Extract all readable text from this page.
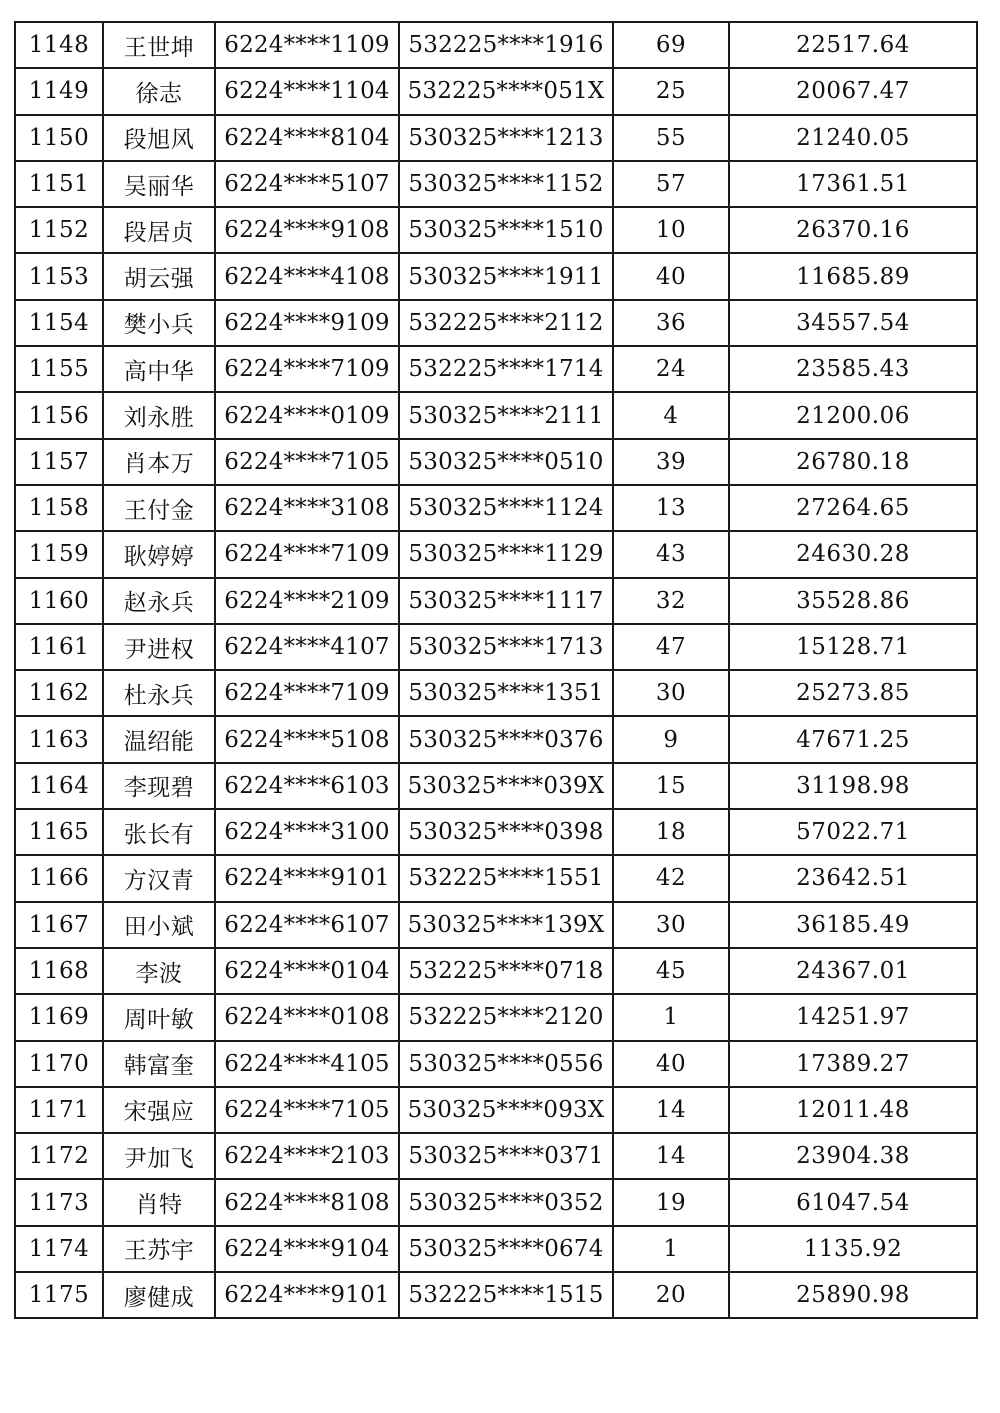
1148	王世坤	6224****1109	532225****1916	69	22517.64
1149	徐志	6224****1104	532225****051X	25	20067.47
1150	段旭风	6224****8104	530325****1213	55	21240.05
1151	吴丽华	6224****5107	530325****1152	57	17361.51
1152	段居贞	6224****9108	530325****1510	10	26370.16
1153	胡云强	6224****4108	530325****1911	40	11685.89
1154	樊小兵	6224****9109	532225****2112	36	34557.54
1155	高中华	6224****7109	532225****1714	24	23585.43
1156	刘永胜	6224****0109	530325****2111	4	21200.06
1157	肖本万	6224****7105	530325****0510	39	26780.18
1158	王付金	6224****3108	530325****1124	13	27264.65
1159	耿婷婷	6224****7109	530325****1129	43	24630.28
1160	赵永兵	6224****2109	530325****1117	32	35528.86
1161	尹进权	6224****4107	530325****1713	47	15128.71
1162	杜永兵	6224****7109	530325****1351	30	25273.85
1163	温绍能	6224****5108	530325****0376	9	47671.25
1164	李现碧	6224****6103	530325****039X	15	31198.98
1165	张长有	6224****3100	530325****0398	18	57022.71
1166	方汉青	6224****9101	532225****1551	42	23642.51
1167	田小斌	6224****6107	530325****139X	30	36185.49
1168	李波	6224****0104	532225****0718	45	24367.01
1169	周叶敏	6224****0108	532225****2120	1	14251.97
1170	韩富奎	6224****4105	530325****0556	40	17389.27
1171	宋强应	6224****7105	530325****093X	14	12011.48
1172	尹加飞	6224****2103	530325****0371	14	23904.38
1173	肖特	6224****8108	530325****0352	19	61047.54
1174	王苏宇	6224****9104	530325****0674	1	1135.92
1175	廖健成	6224****9101	532225****1515	20	25890.98
